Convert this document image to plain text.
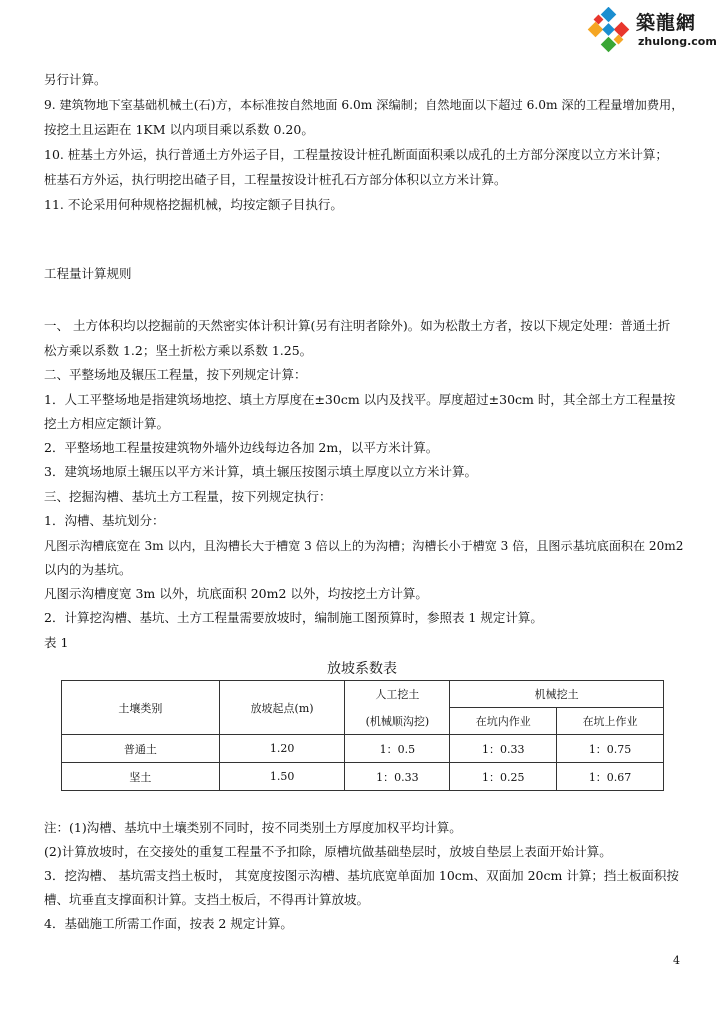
築龍網
zhulong.com
另行计算。
9. 建筑物地下室基础机械土(石)方，本标准按自然地面 6.0m 深编制；自然地面以下超过 6.0m 深的工程量增加费用，
按挖土且运距在 1KM 以内项目乘以系数 0.20。
10. 桩基土方外运，执行普通土方外运子目，工程量按设计桩孔断面面积乘以成孔的土方部分深度以立方米计算；
桩基石方外运，执行明挖出碴子目，工程量按设计桩孔石方部分体积以立方米计算。
11. 不论采用何种规格挖掘机械，均按定额子目执行。
工程量计算规则
一、 土方体积均以挖掘前的天然密实体计积计算(另有注明者除外)。如为松散土方者，按以下规定处理：普通土折
松方乘以系数 1.2；坚土折松方乘以系数 1.25。
二、平整场地及辗压工程量，按下列规定计算：
1．人工平整场地是指建筑场地挖、填土方厚度在±30cm 以内及找平。厚度超过±30cm 时，其全部土方工程量按
挖土方相应定额计算。
2．平整场地工程量按建筑物外墙外边线每边各加 2m，以平方米计算。
3．建筑场地原土辗压以平方米计算，填土辗压按图示填土厚度以立方米计算。
三、挖掘沟槽、基坑土方工程量，按下列规定执行：
1．沟槽、基坑划分：
凡图示沟槽底宽在 3m 以内，且沟槽长大于槽宽 3 倍以上的为沟槽；沟槽长小于槽宽 3 倍，且图示基坑底面积在 20m2
以内的为基坑。
凡图示沟槽度宽 3m 以外，坑底面积 20m2 以外，均按挖土方计算。
2．计算挖沟槽、基坑、土方工程量需要放坡时，编制施工图预算时，参照表 1 规定计算。
表 1
放坡系数表
土壤类别	放坡起点(m)	人工挖土	机械挖土	
		(机械顺沟挖)	在坑内作业	在坑上作业
普通土	1.20	1：0.5	1：0.33	1：0.75
坚土	1.50	1：0.33	1：0.25	1：0.67
注：(1)沟槽、基坑中土壤类别不同时，按不同类别土方厚度加权平均计算。
(2)计算放坡时，在交接处的重复工程量不予扣除，原槽坑做基础垫层时，放坡自垫层上表面开始计算。
3．挖沟槽、 基坑需支挡土板时， 其宽度按图示沟槽、基坑底宽单面加 10cm、双面加 20cm 计算；挡土板面积按
槽、坑垂直支撑面积计算。支挡土板后，不得再计算放坡。
4．基础施工所需工作面，按表 2 规定计算。
4
